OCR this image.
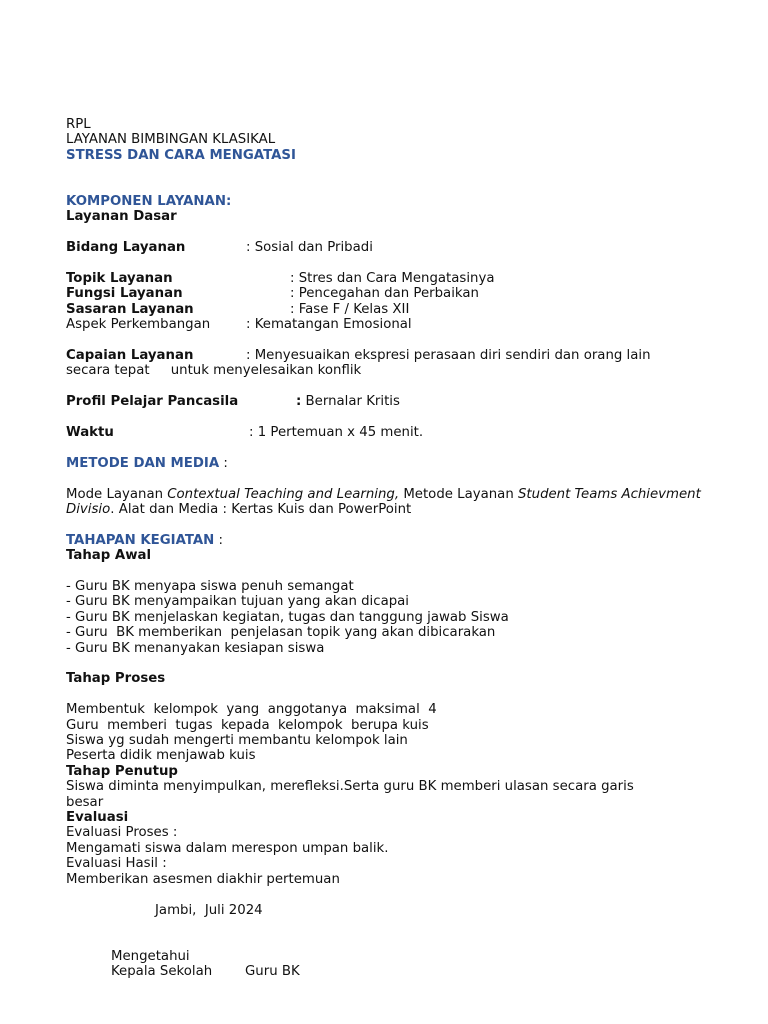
RPL
LAYANAN BIMBINGAN KLASIKAL
STRESS DAN CARA MENGATASI
KOMPONEN LAYANAN:
Layanan Dasar
Bidang Layanan	: Sosial dan Pribadi
Topik Layanan	: Stres dan Cara Mengatasinya
Fungsi Layanan	: Pencegahan dan Perbaikan
Sasaran Layanan	: Fase F / Kelas XII
Aspek Perkembangan	: Kematangan Emosional
Capaian Layanan	: Menyesuaikan ekspresi perasaan diri sendiri dan orang lain
secara tepat     untuk menyelesaikan konflik
Profil Pelajar Pancasila	: Bernalar Kritis
Waktu	: 1 Pertemuan x 45 menit.
METODE DAN MEDIA :
Mode Layanan Contextual Teaching and Learning, Metode Layanan Student Teams Achievment Divisio. Alat dan Media : Kertas Kuis dan PowerPoint
TAHAPAN KEGIATAN :
Tahap Awal
- Guru BK menyapa siswa penuh semangat
- Guru BK menyampaikan tujuan yang akan dicapai
- Guru BK menjelaskan kegiatan, tugas dan tanggung jawab Siswa
- Guru  BK memberikan  penjelasan topik yang akan dibicarakan
- Guru BK menanyakan kesiapan siswa
Tahap Proses
Membentuk  kelompok  yang  anggotanya  maksimal  4
Guru  memberi  tugas  kepada  kelompok  berupa kuis
Siswa yg sudah mengerti membantu kelompok lain
Peserta didik menjawab kuis
Tahap Penutup
Siswa diminta menyimpulkan, merefleksi.Serta guru BK memberi ulasan secara garis besar
Evaluasi
Evaluasi Proses :
Mengamati siswa dalam merespon umpan balik.
Evaluasi Hasil :
Memberikan asesmen diakhir pertemuan
Jambi,  Juli 2024
Mengetahui
Kepala Sekolah	Guru BK
